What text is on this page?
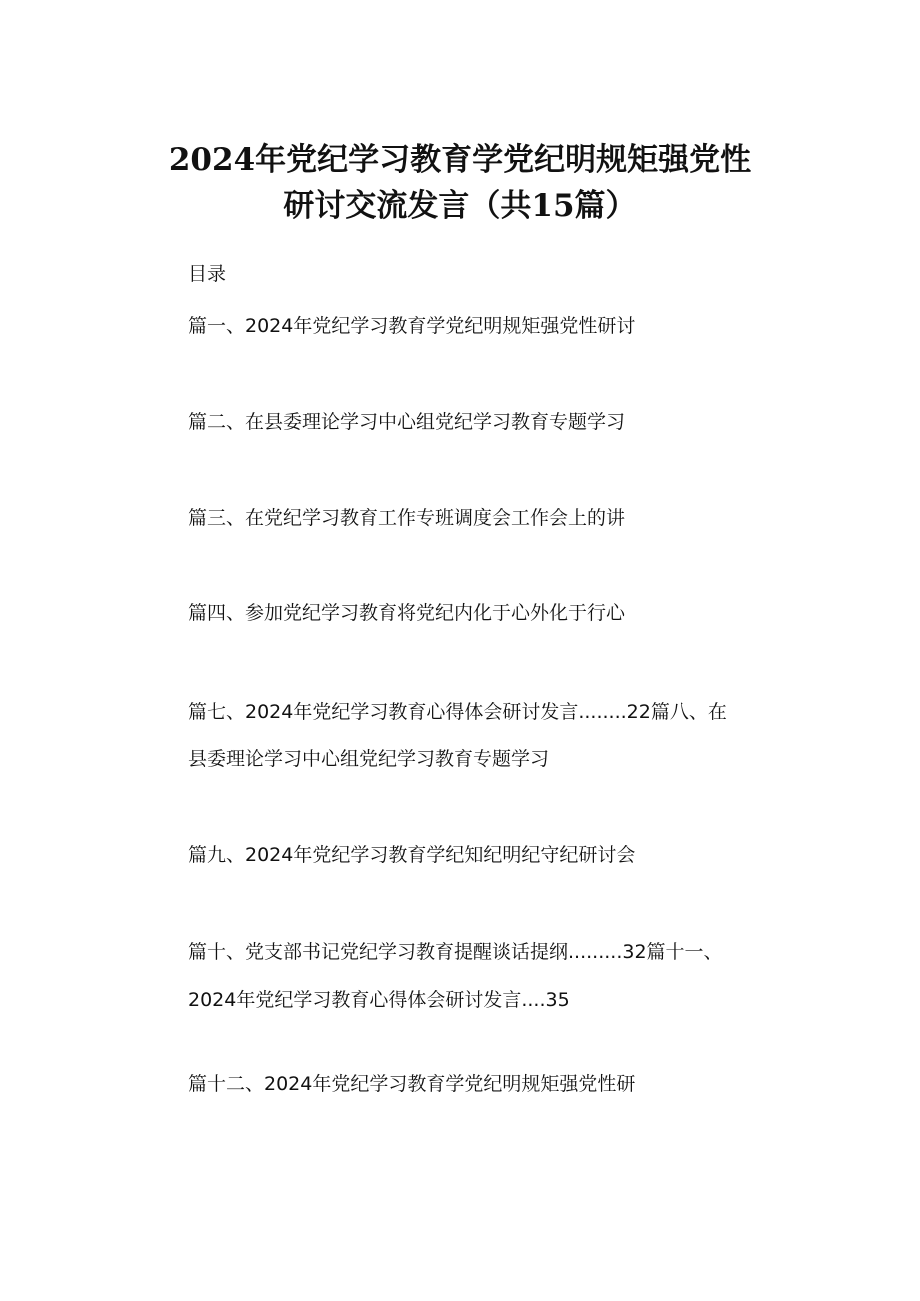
2024年党纪学习教育学党纪明规矩强党性
研讨交流发言（共15篇）
目录
篇一、2024年党纪学习教育学党纪明规矩强党性研讨
篇二、在县委理论学习中心组党纪学习教育专题学习
篇三、在党纪学习教育工作专班调度会工作会上的讲
篇四、参加党纪学习教育将党纪内化于心外化于行心
篇七、2024年党纪学习教育心得体会研讨发言........22篇八、在
县委理论学习中心组党纪学习教育专题学习
篇九、2024年党纪学习教育学纪知纪明纪守纪研讨会
篇十、党支部书记党纪学习教育提醒谈话提纲.........32篇十一、
2024年党纪学习教育心得体会研讨发言....35
篇十二、2024年党纪学习教育学党纪明规矩强党性研
